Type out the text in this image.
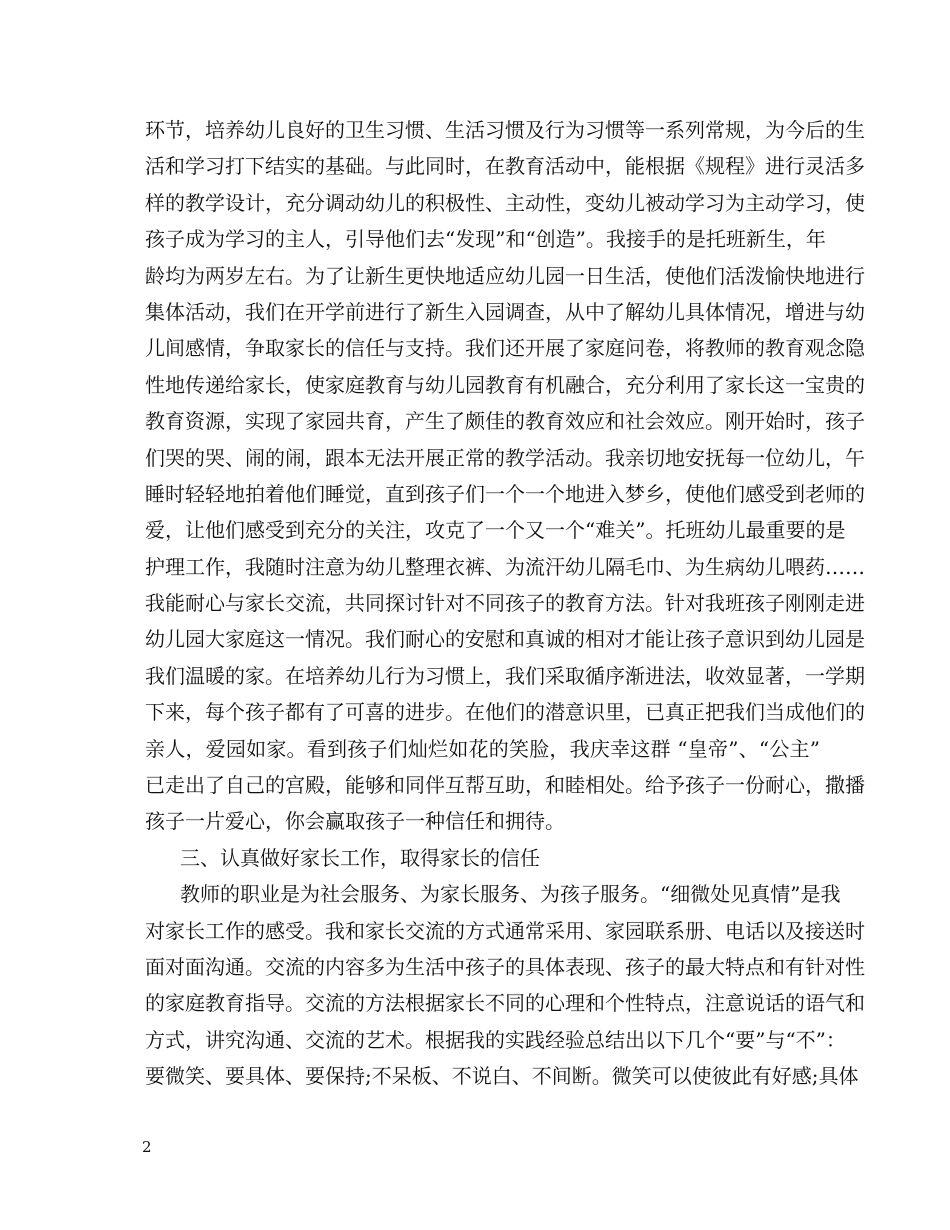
环节，培养幼儿良好的卫生习惯、生活习惯及行为习惯等一系列常规，为今后的生
活和学习打下结实的基础。与此同时，在教育活动中，能根据《规程》进行灵活多
样的教学设计，充分调动幼儿的积极性、主动性，变幼儿被动学习为主动学习，使
孩子成为学习的主人，引导他们去“发现”和“创造”。我接手的是托班新生，年
龄均为两岁左右。为了让新生更快地适应幼儿园一日生活，使他们活泼愉快地进行
集体活动，我们在开学前进行了新生入园调查，从中了解幼儿具体情况，增进与幼
儿间感情，争取家长的信任与支持。我们还开展了家庭问卷，将教师的教育观念隐
性地传递给家长，使家庭教育与幼儿园教育有机融合，充分利用了家长这一宝贵的
教育资源，实现了家园共育，产生了颇佳的教育效应和社会效应。刚开始时，孩子
们哭的哭、闹的闹，跟本无法开展正常的教学活动。我亲切地安抚每一位幼儿，午
睡时轻轻地拍着他们睡觉，直到孩子们一个一个地进入梦乡，使他们感受到老师的
爱，让他们感受到充分的关注，攻克了一个又一个“难关”。托班幼儿最重要的是
护理工作，我随时注意为幼儿整理衣裤、为流汗幼儿隔毛巾、为生病幼儿喂药……
我能耐心与家长交流，共同探讨针对不同孩子的教育方法。针对我班孩子刚刚走进
幼儿园大家庭这一情况。我们耐心的安慰和真诚的相对才能让孩子意识到幼儿园是
我们温暖的家。在培养幼儿行为习惯上，我们采取循序渐进法，收效显著，一学期
下来，每个孩子都有了可喜的进步。在他们的潜意识里，已真正把我们当成他们的
亲人，爱园如家。看到孩子们灿烂如花的笑脸，我庆幸这群 “皇帝”、“公主”
已走出了自己的宫殿，能够和同伴互帮互助，和睦相处。给予孩子一份耐心，撒播
孩子一片爱心，你会赢取孩子一种信任和拥待。
三、认真做好家长工作，取得家长的信任
教师的职业是为社会服务、为家长服务、为孩子服务。“细微处见真情”是我
对家长工作的感受。我和家长交流的方式通常采用、家园联系册、电话以及接送时
面对面沟通。交流的内容多为生活中孩子的具体表现、孩子的最大特点和有针对性
的家庭教育指导。交流的方法根据家长不同的心理和个性特点，注意说话的语气和
方式，讲究沟通、交流的艺术。根据我的实践经验总结出以下几个“要”与“不”：
要微笑、要具体、要保持;不呆板、不说白、不间断。微笑可以使彼此有好感;具体
2
